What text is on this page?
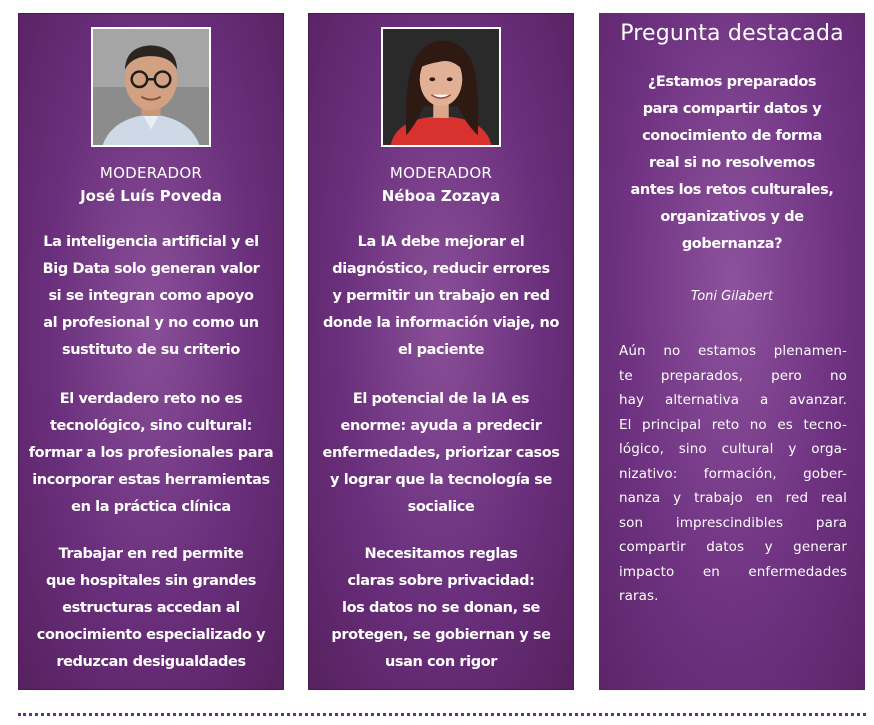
MODERADOR
José Luís Poveda
La inteligencia artificial y el
Big Data solo generan valor
si se integran como apoyo
al profesional y no como un
sustituto de su criterio
El verdadero reto no es
tecnológico, sino cultural:
formar a los profesionales para
incorporar estas herramientas
en la práctica clínica
Trabajar en red permite
que hospitales sin grandes
estructuras accedan al
conocimiento especializado y
reduzcan desigualdades
MODERADOR
Néboa Zozaya
La IA debe mejorar el
diagnóstico, reducir errores
y permitir un trabajo en red
donde la información viaje, no
el paciente
El potencial de la IA es
enorme: ayuda a predecir
enfermedades, priorizar casos
y lograr que la tecnología se
socialice
Necesitamos reglas
claras sobre privacidad:
los datos no se donan, se
protegen, se gobiernan y se
usan con rigor
Pregunta destacada
¿Estamos preparados
para compartir datos y
conocimiento de forma
real si no resolvemos
antes los retos culturales,
organizativos y de
gobernanza?
Toni Gilabert
Aún no estamos plenamen-
te preparados, pero no
hay alternativa a avanzar.
El principal reto no es tecno-
lógico, sino cultural y orga-
nizativo: formación, gober-
nanza y trabajo en red real
son imprescindibles para
compartir datos y generar
impacto en enfermedades
raras.
